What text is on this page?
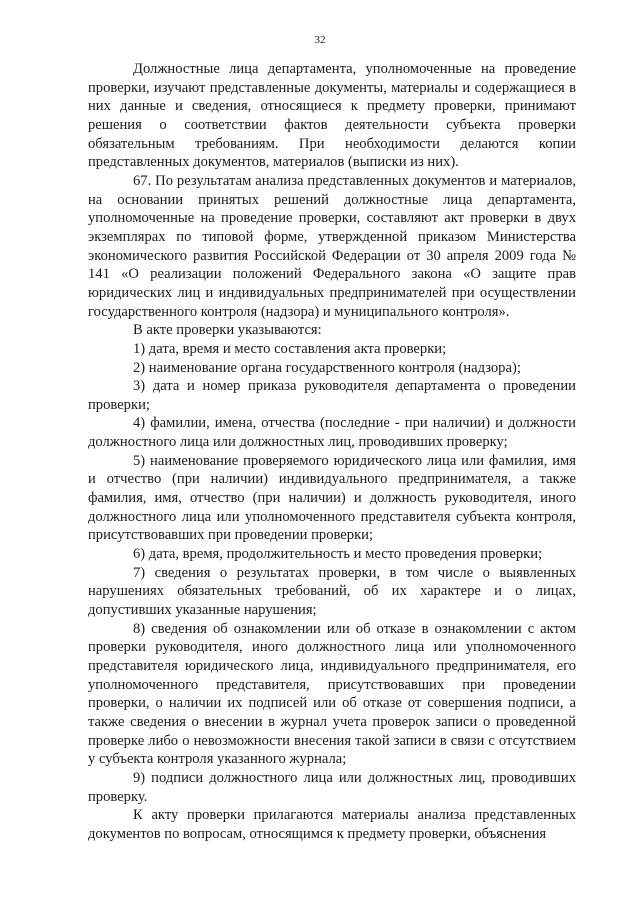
32

Должностные лица департамента, уполномоченные на проведение проверки, изучают представленные документы, материалы и содержащиеся в них данные и сведения, относящиеся к предмету проверки, принимают решения о соответствии фактов деятельности субъекта проверки обязательным требованиям. При необходимости делаются копии представленных документов, материалов (выписки из них).

67. По результатам анализа представленных документов и материалов, на основании принятых решений должностные лица департамента, уполномоченные на проведение проверки, составляют акт проверки в двух экземплярах по типовой форме, утвержденной приказом Министерства экономического развития Российской Федерации от 30 апреля 2009 года № 141 «О реализации положений Федерального закона «О защите прав юридических лиц и индивидуальных предпринимателей при осуществлении государственного контроля (надзора) и муниципального контроля».

В акте проверки указываются:

1) дата, время и место составления акта проверки;

2) наименование органа государственного контроля (надзора);

3) дата и номер приказа руководителя департамента о проведении проверки;

4) фамилии, имена, отчества (последние - при наличии) и должности должностного лица или должностных лиц, проводивших проверку;

5) наименование проверяемого юридического лица или фамилия, имя и отчество (при наличии) индивидуального предпринимателя, а также фамилия, имя, отчество (при наличии) и должность руководителя, иного должностного лица или уполномоченного представителя субъекта контроля, присутствовавших при проведении проверки;

6) дата, время, продолжительность и место проведения проверки;

7) сведения о результатах проверки, в том числе о выявленных нарушениях обязательных требований, об их характере и о лицах, допустивших указанные нарушения;

8) сведения об ознакомлении или об отказе в ознакомлении с актом проверки руководителя, иного должностного лица или уполномоченного представителя юридического лица, индивидуального предпринимателя, его уполномоченного представителя, присутствовавших при проведении проверки, о наличии их подписей или об отказе от совершения подписи, а также сведения о внесении в журнал учета проверок записи о проведенной проверке либо о невозможности внесения такой записи в связи с отсутствием у субъекта контроля указанного журнала;

9) подписи должностного лица или должностных лиц, проводивших проверку.

К акту проверки прилагаются материалы анализа представленных документов по вопросам, относящимся к предмету проверки, объяснения
